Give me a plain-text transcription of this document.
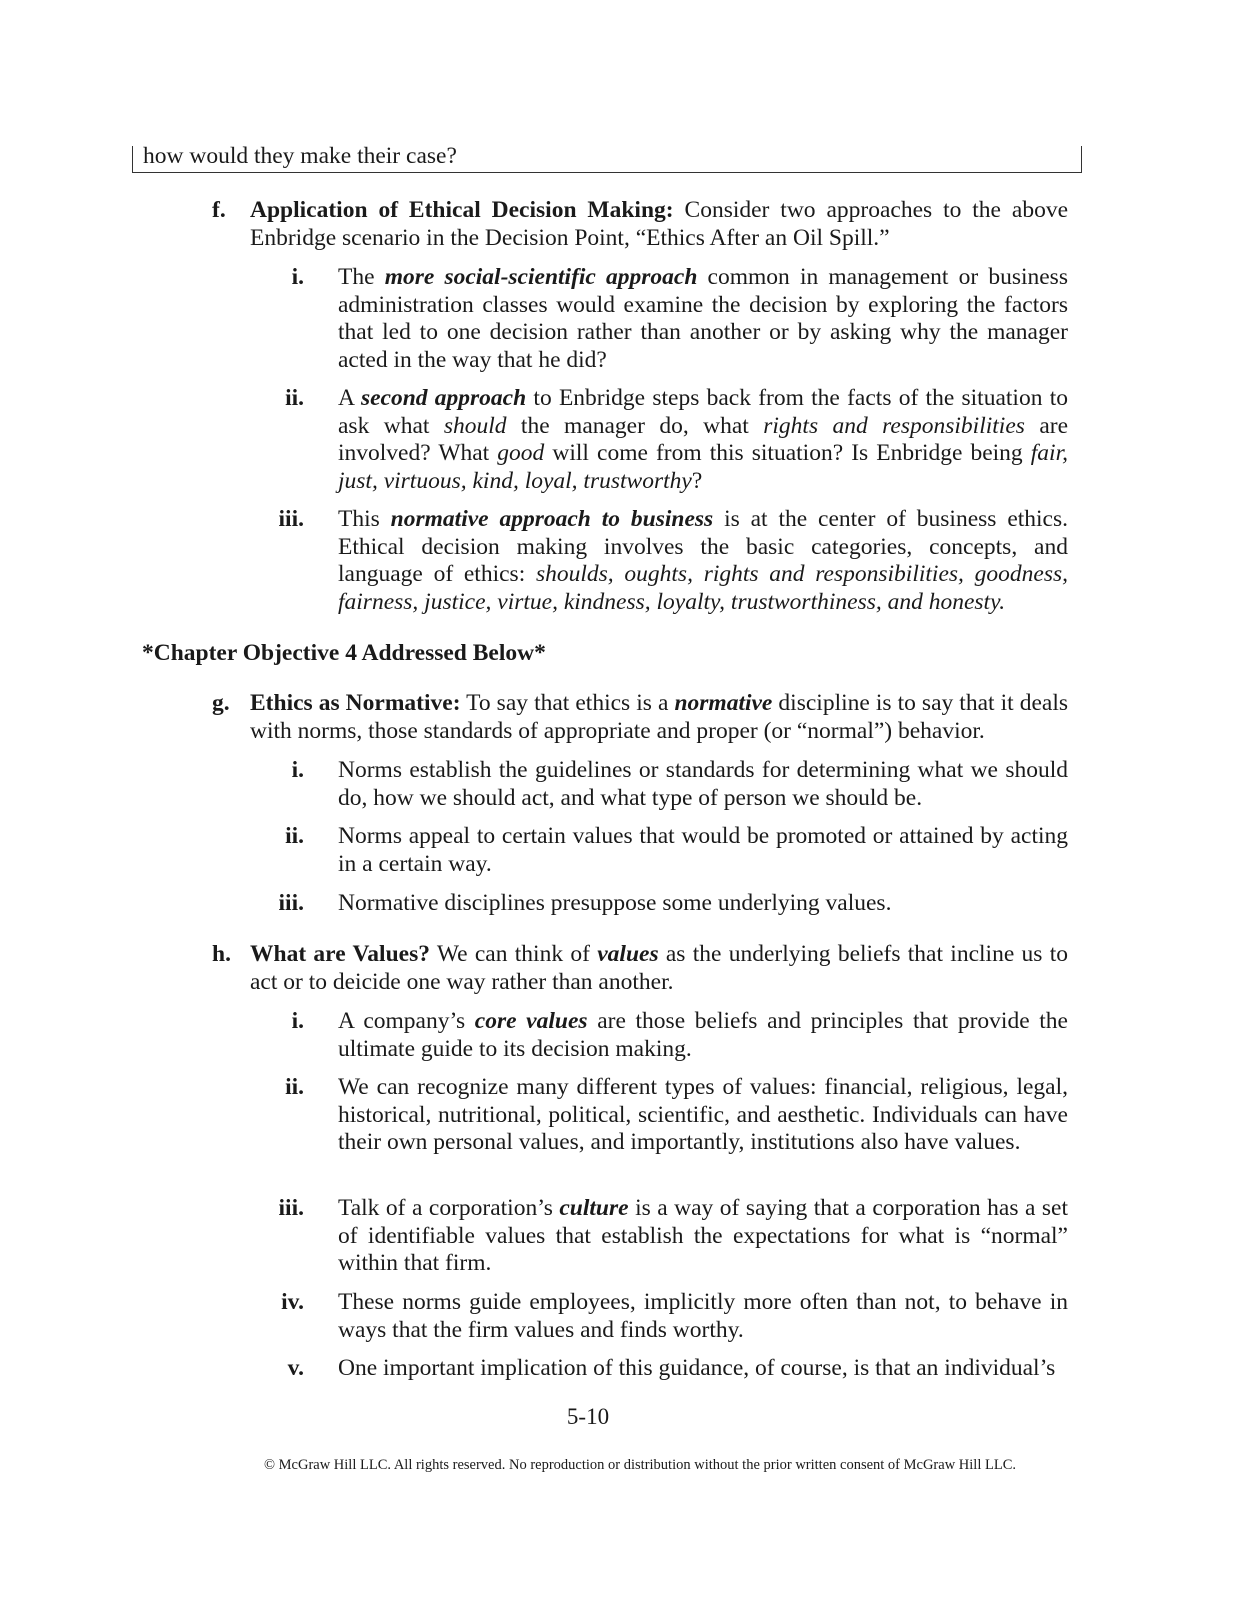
how would they make their case?
f.	Application of Ethical Decision Making: Consider two approaches to the above Enbridge scenario in the Decision Point, “Ethics After an Oil Spill.”
i. The more social-scientific approach common in management or business administration classes would examine the decision by exploring the factors that led to one decision rather than another or by asking why the manager acted in the way that he did?
ii. A second approach to Enbridge steps back from the facts of the situation to ask what should the manager do, what rights and responsibilities are involved? What good will come from this situation? Is Enbridge being fair, just, virtuous, kind, loyal, trustworthy?
iii. This normative approach to business is at the center of business ethics. Ethical decision making involves the basic categories, concepts, and language of ethics: shoulds, oughts, rights and responsibilities, goodness, fairness, justice, virtue, kindness, loyalty, trustworthiness, and honesty.
*Chapter Objective 4 Addressed Below*
g. Ethics as Normative: To say that ethics is a normative discipline is to say that it deals with norms, those standards of appropriate and proper (or “normal”) behavior.
i. Norms establish the guidelines or standards for determining what we should do, how we should act, and what type of person we should be.
ii. Norms appeal to certain values that would be promoted or attained by acting in a certain way.
iii. Normative disciplines presuppose some underlying values.
h. What are Values? We can think of values as the underlying beliefs that incline us to act or to deicide one way rather than another.
i. A company’s core values are those beliefs and principles that provide the ultimate guide to its decision making.
ii. We can recognize many different types of values: financial, religious, legal, historical, nutritional, political, scientific, and aesthetic. Individuals can have their own personal values, and importantly, institutions also have values.
iii. Talk of a corporation’s culture is a way of saying that a corporation has a set of identifiable values that establish the expectations for what is “normal” within that firm.
iv. These norms guide employees, implicitly more often than not, to behave in ways that the firm values and finds worthy.
v. One important implication of this guidance, of course, is that an individual’s
5-10
© McGraw Hill LLC. All rights reserved. No reproduction or distribution without the prior written consent of McGraw Hill LLC.
